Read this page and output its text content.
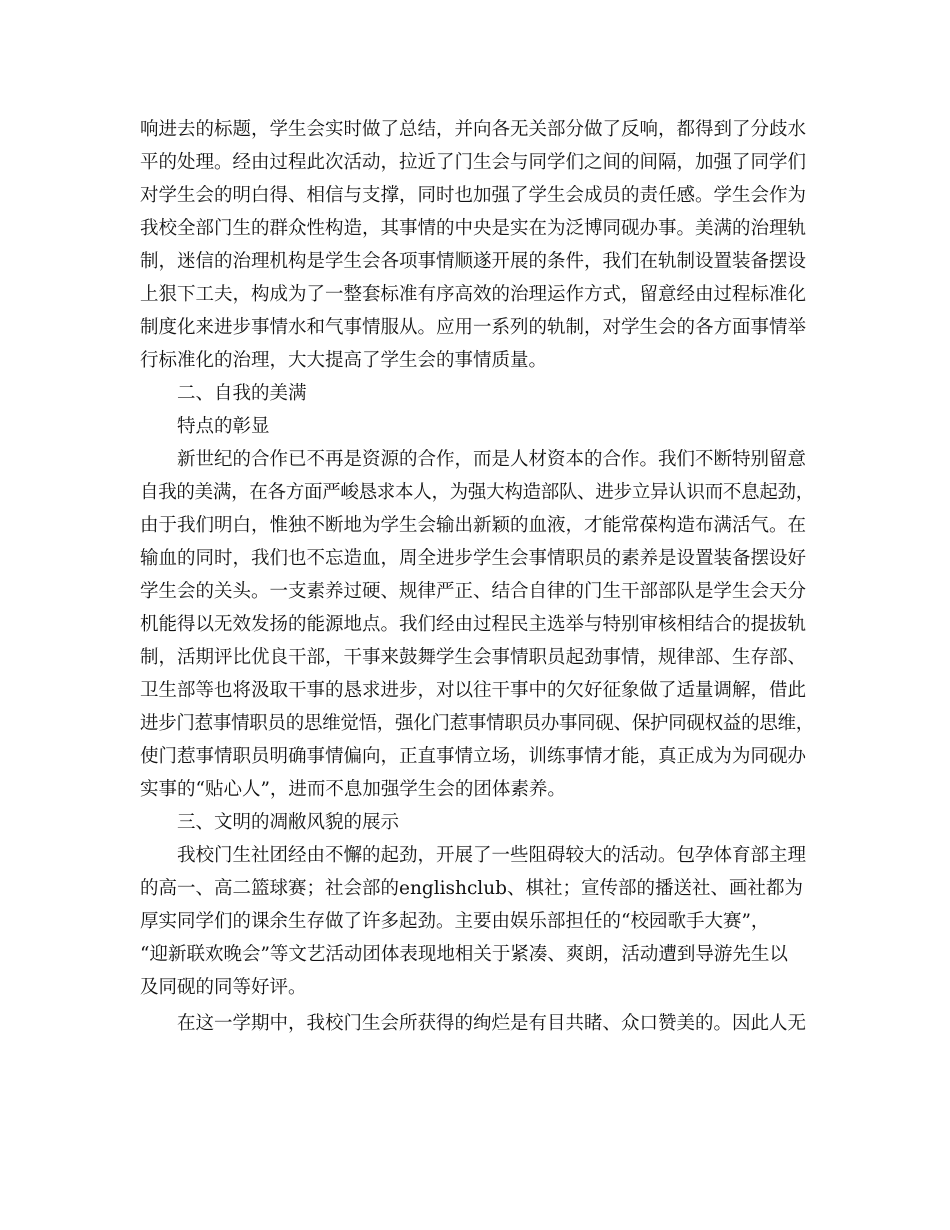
响进去的标题，学生会实时做了总结，并向各无关部分做了反响，都得到了分歧水
平的处理。经由过程此次活动，拉近了门生会与同学们之间的间隔，加强了同学们
对学生会的明白得、相信与支撑，同时也加强了学生会成员的责任感。学生会作为
我校全部门生的群众性构造，其事情的中央是实在为泛博同砚办事。美满的治理轨
制，迷信的治理机构是学生会各项事情顺遂开展的条件，我们在轨制设置装备摆设
上狠下工夫，构成为了一整套标准有序高效的治理运作方式，留意经由过程标准化
制度化来进步事情水和气事情服从。应用一系列的轨制，对学生会的各方面事情举
行标准化的治理，大大提高了学生会的事情质量。
二、自我的美满
特点的彰显
新世纪的合作已不再是资源的合作，而是人材资本的合作。我们不断特别留意
自我的美满，在各方面严峻恳求本人，为强大构造部队、进步立异认识而不息起劲，
由于我们明白，惟独不断地为学生会输出新颖的血液，才能常葆构造布满活气。在
输血的同时，我们也不忘造血，周全进步学生会事情职员的素养是设置装备摆设好
学生会的关头。一支素养过硬、规律严正、结合自律的门生干部部队是学生会天分
机能得以无效发扬的能源地点。我们经由过程民主选举与特别审核相结合的提拔轨
制，活期评比优良干部，干事来鼓舞学生会事情职员起劲事情，规律部、生存部、
卫生部等也将汲取干事的恳求进步，对以往干事中的欠好征象做了适量调解，借此
进步门惹事情职员的思维觉悟，强化门惹事情职员办事同砚、保护同砚权益的思维，
使门惹事情职员明确事情偏向，正直事情立场，训练事情才能，真正成为为同砚办
实事的“贴心人”，进而不息加强学生会的团体素养。
三、文明的凋敝风貌的展示
我校门生社团经由不懈的起劲，开展了一些阻碍较大的活动。包孕体育部主理
的高一、高二篮球赛；社会部的englishclub、棋社；宣传部的播送社、画社都为
厚实同学们的课余生存做了许多起劲。主要由娱乐部担任的“校园歌手大赛”，
“迎新联欢晚会”等文艺活动团体表现地相关于紧凑、爽朗，活动遭到导游先生以
及同砚的同等好评。
在这一学期中，我校门生会所获得的绚烂是有目共睹、众口赞美的。因此人无
